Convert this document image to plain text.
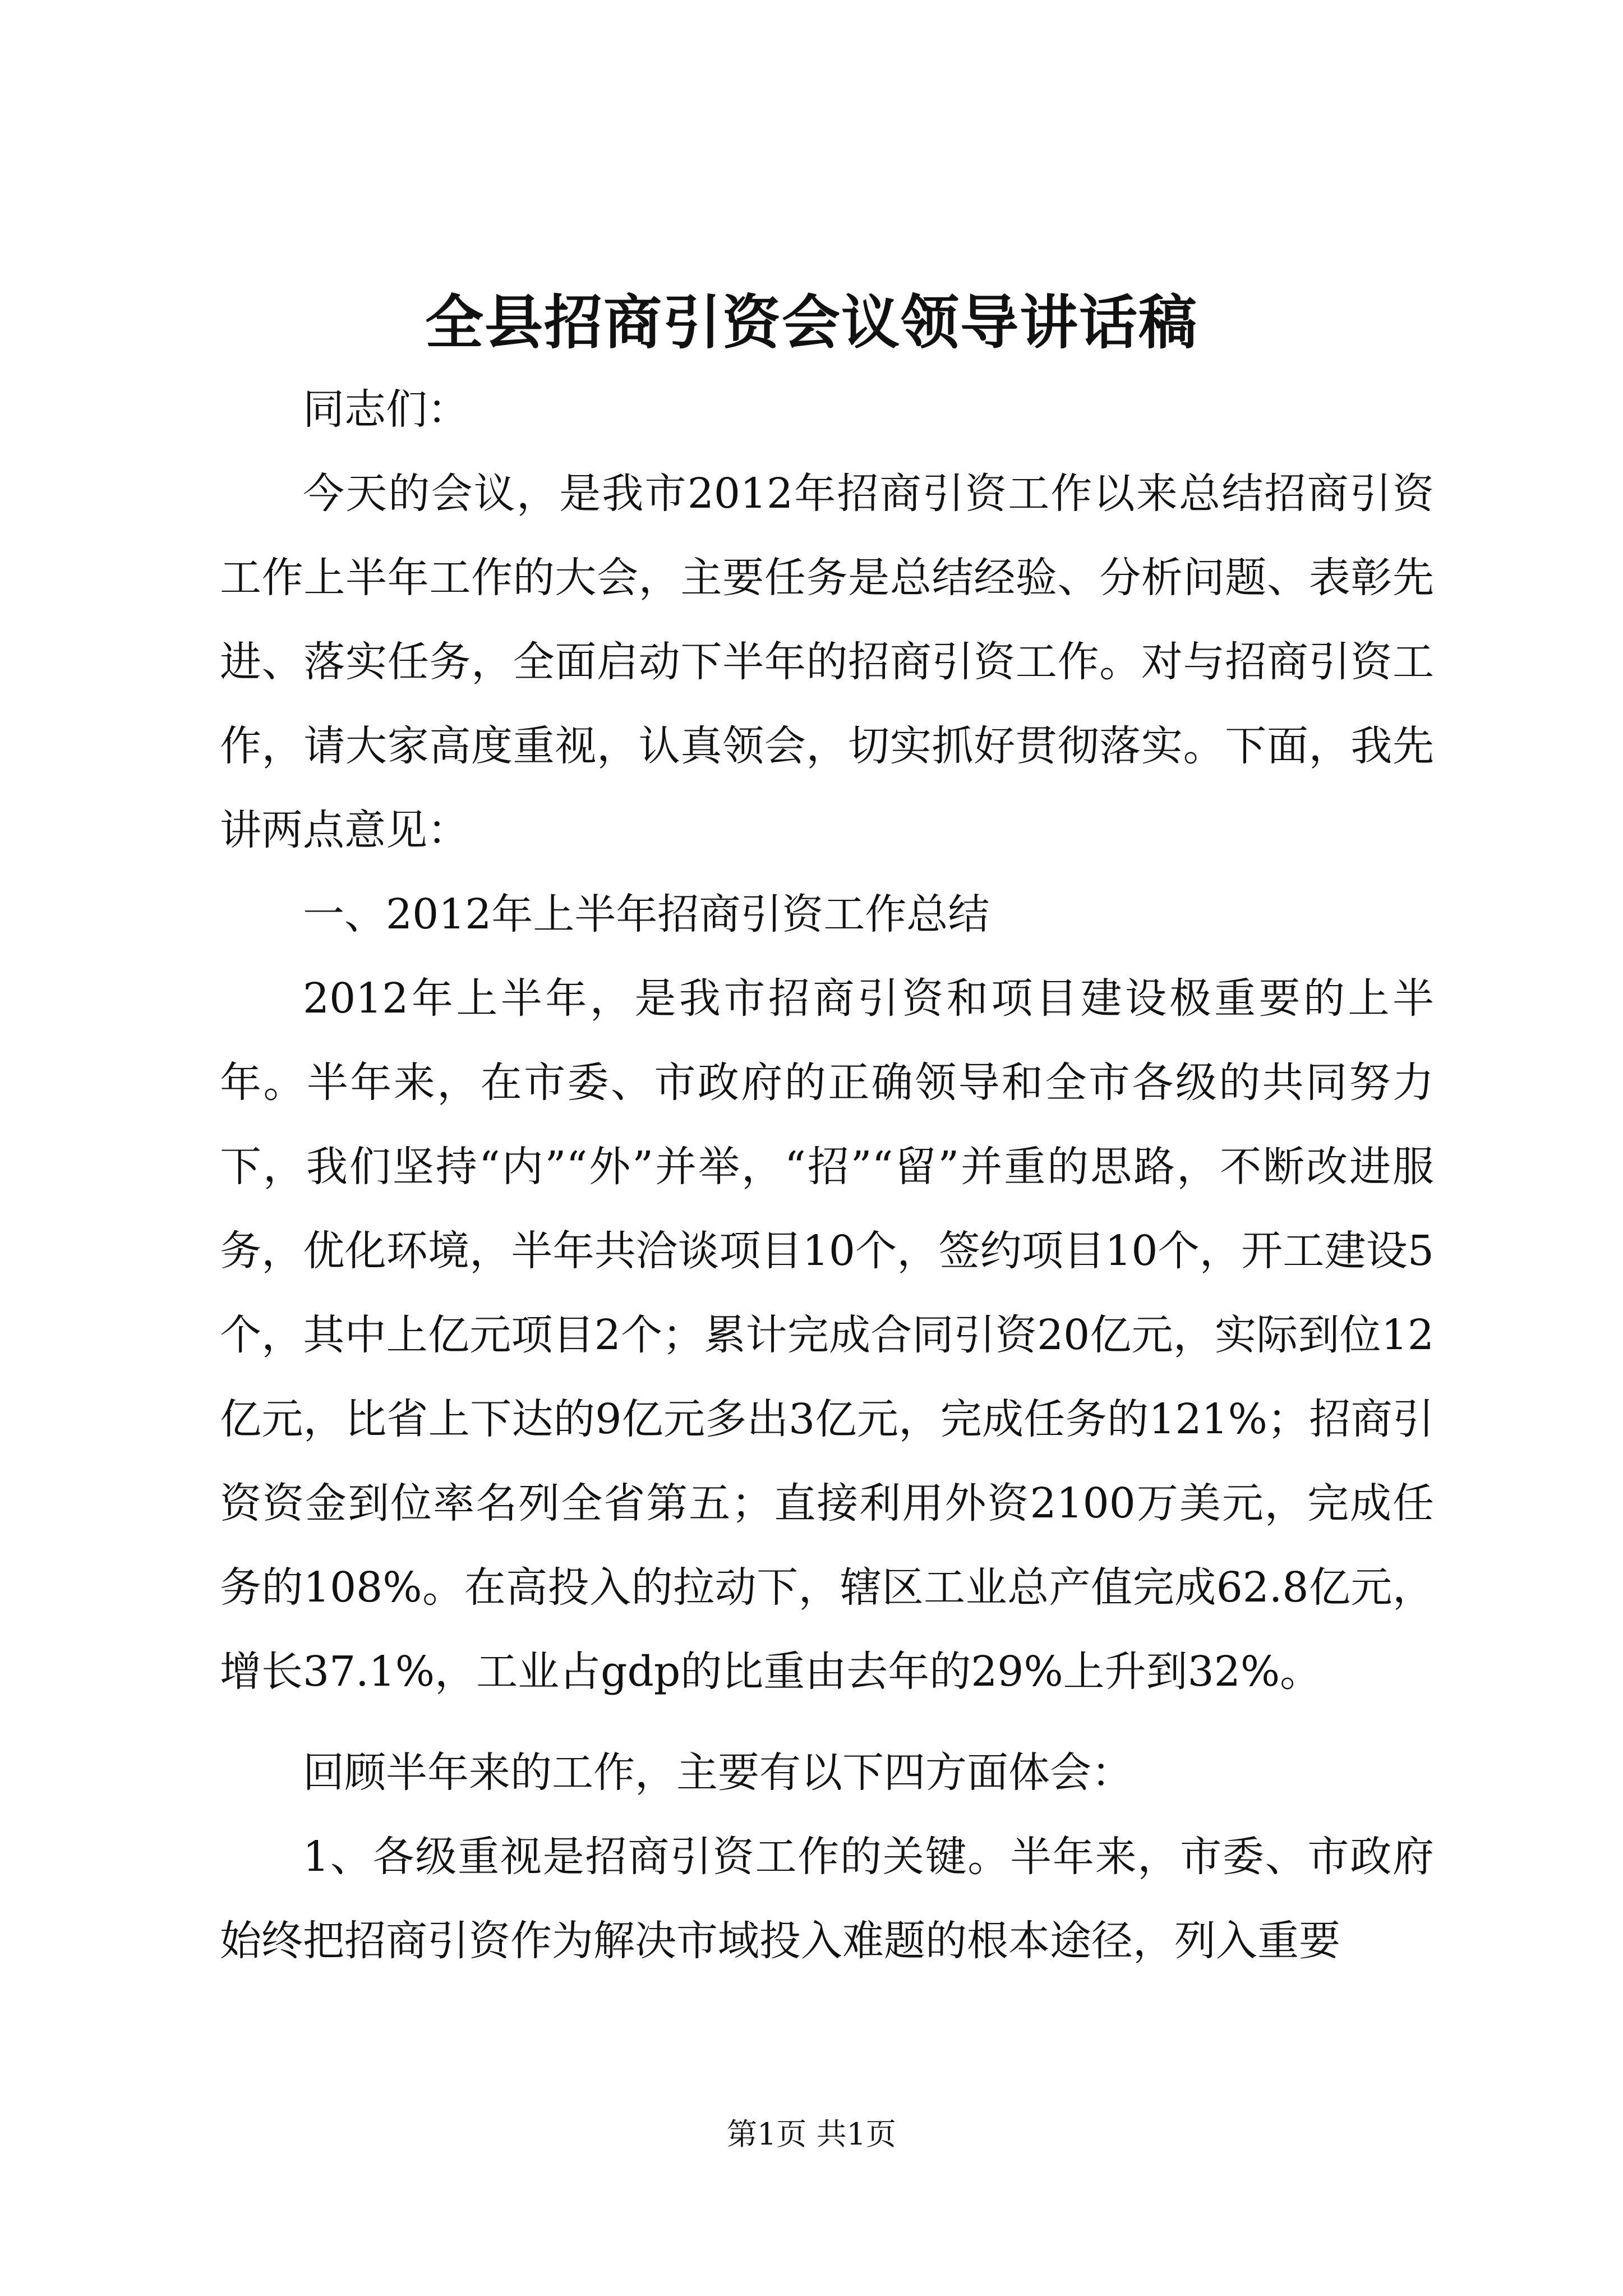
全县招商引资会议领导讲话稿

同志们：

今天的会议，是我市2012年招商引资工作以来总结招商引资工作上半年工作的大会，主要任务是总结经验、分析问题、表彰先进、落实任务，全面启动下半年的招商引资工作。对与招商引资工作，请大家高度重视，认真领会，切实抓好贯彻落实。下面，我先讲两点意见：

一、2012年上半年招商引资工作总结

2012年上半年，是我市招商引资和项目建设极重要的上半年。半年来，在市委、市政府的正确领导和全市各级的共同努力下，我们坚持“内”“外”并举，“招”“留”并重的思路，不断改进服务，优化环境，半年共洽谈项目10个，签约项目10个，开工建设5个，其中上亿元项目2个；累计完成合同引资20亿元，实际到位12亿元，比省上下达的9亿元多出3亿元，完成任务的121%；招商引资资金到位率名列全省第五；直接利用外资2100万美元，完成任务的108%。在高投入的拉动下，辖区工业总产值完成62.8亿元，增长37.1%，工业占gdp的比重由去年的29%上升到32%。

回顾半年来的工作，主要有以下四方面体会：

1、各级重视是招商引资工作的关键。半年来，市委、市政府始终把招商引资作为解决市域投入难题的根本途径，列入重要

第1页 共1页
